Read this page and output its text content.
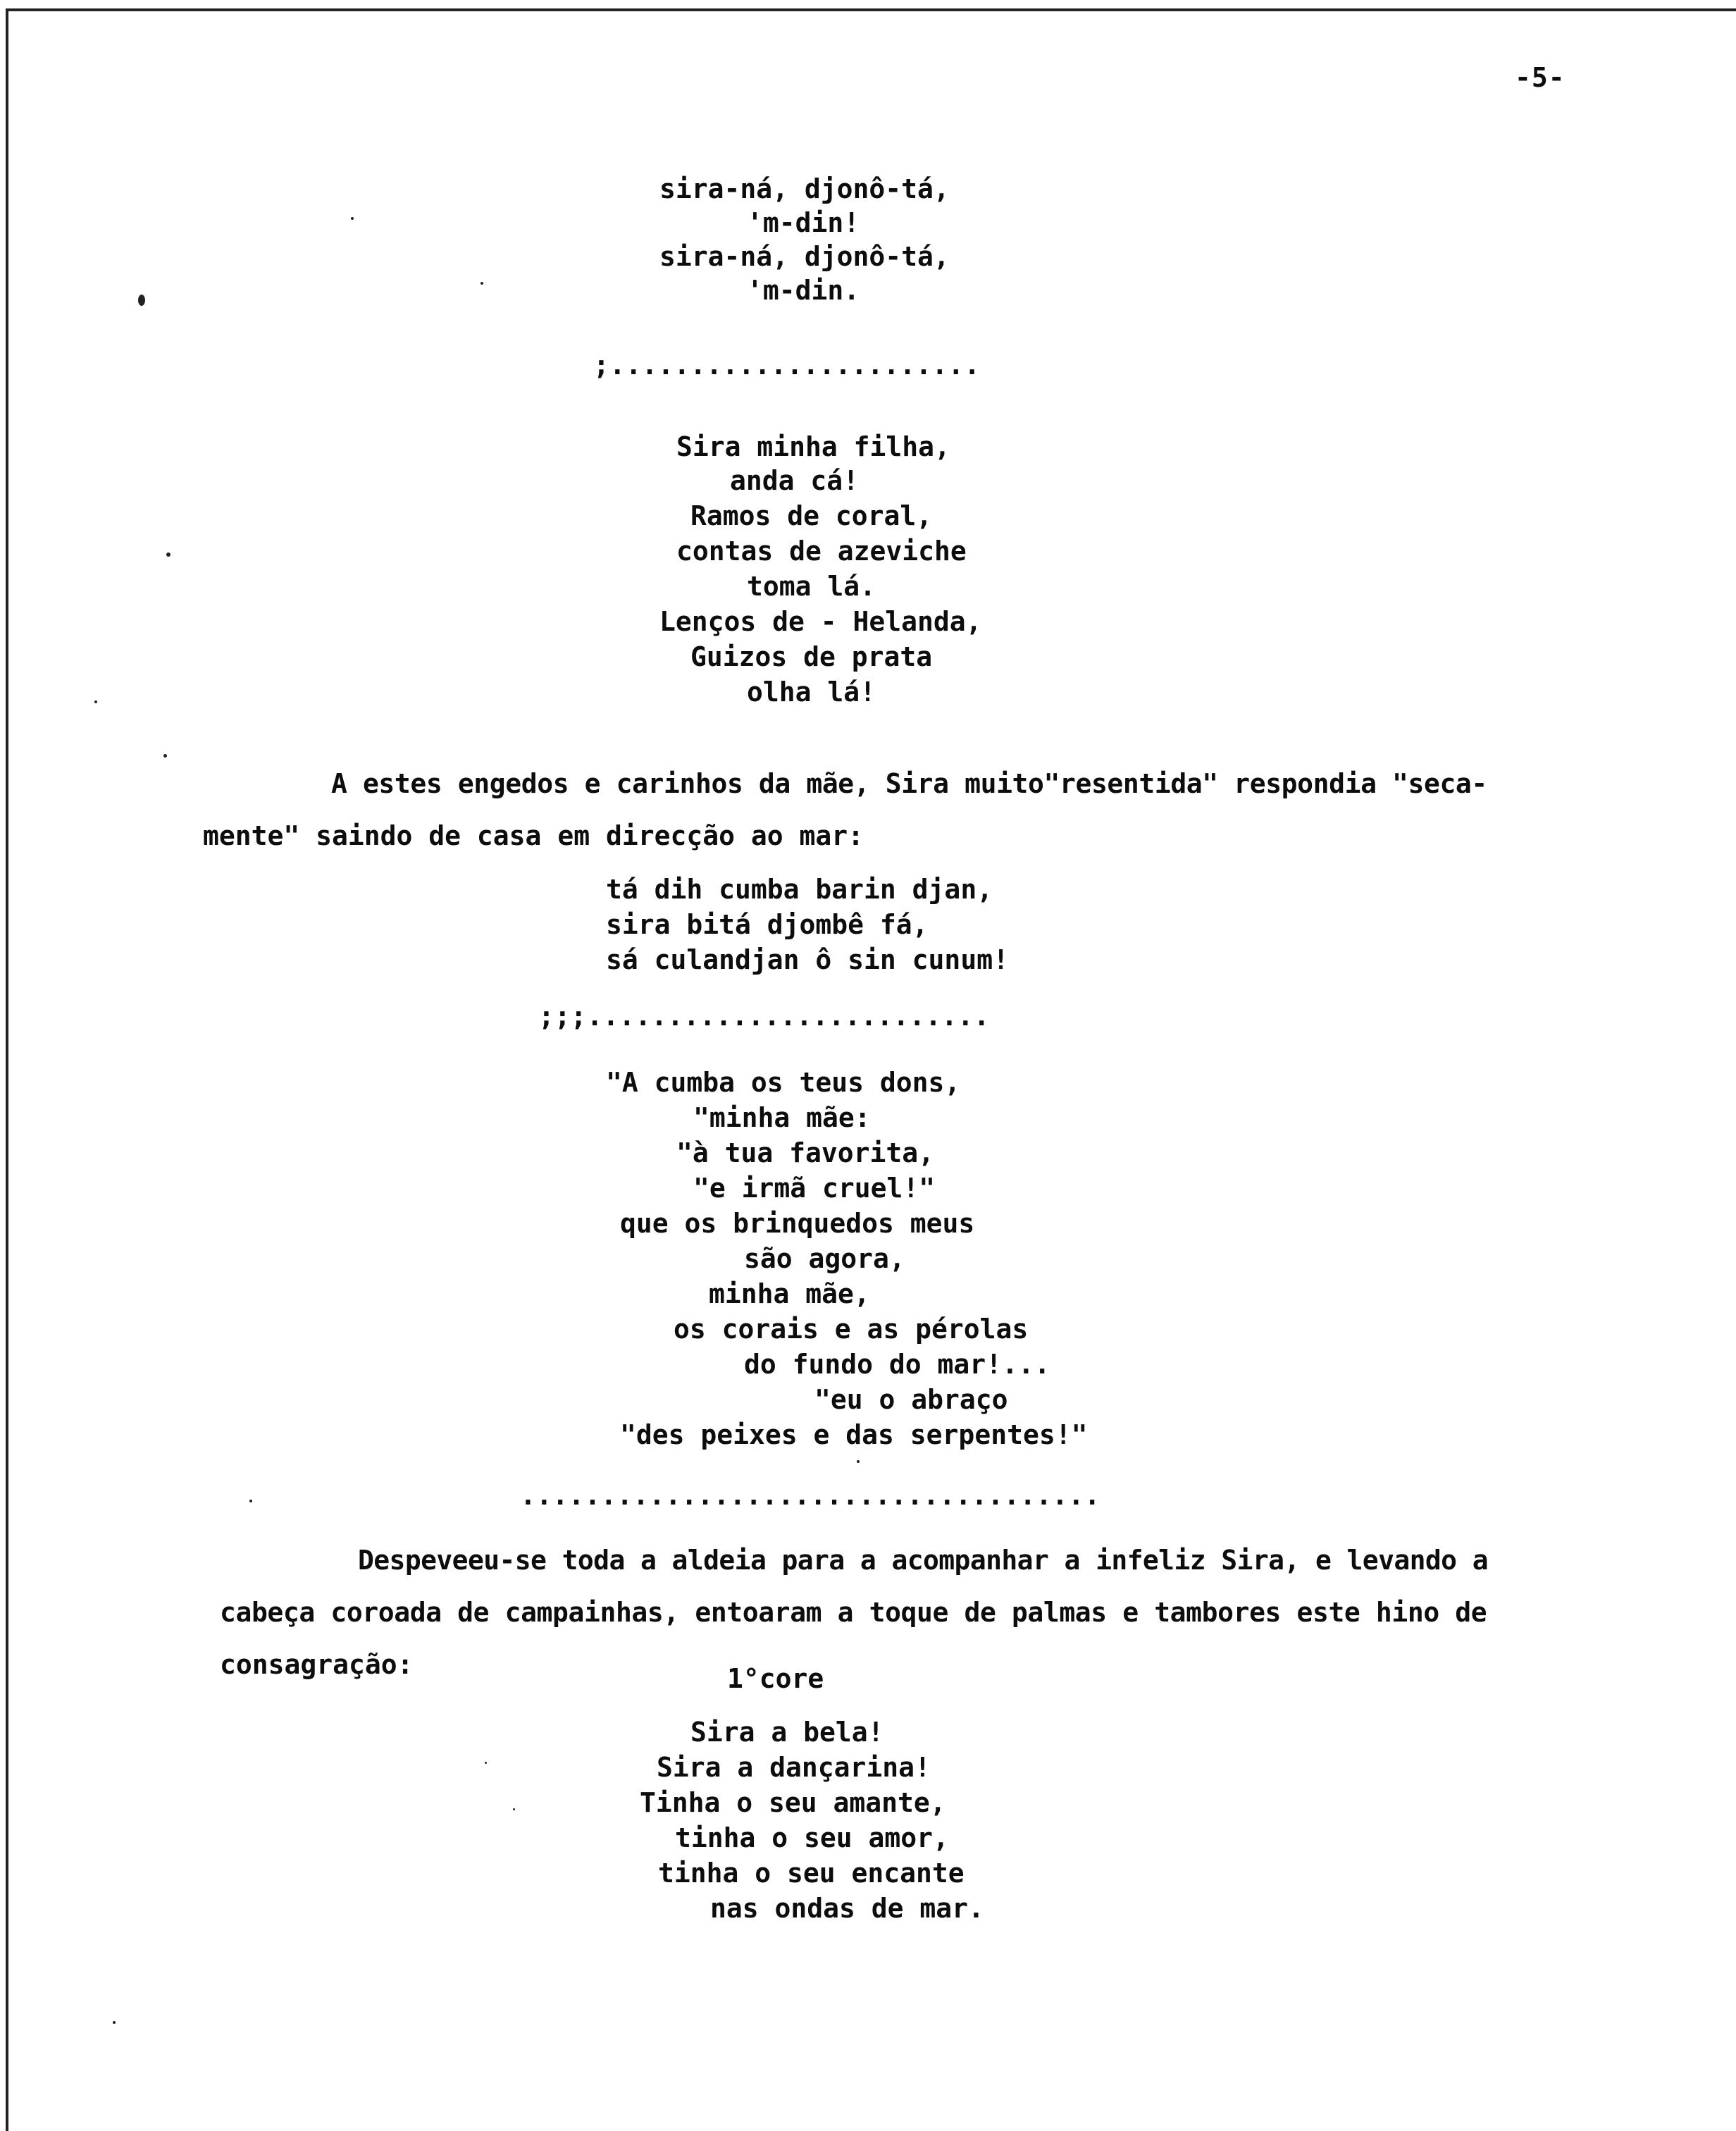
-5-
sira-ná, djonô-tá,
'm-din!
sira-ná, djonô-tá,
'm-din.
;.......................
Sira minha filha,
anda cá!
Ramos de coral,
contas de azeviche
toma lá.
Lenços de - Helanda,
Guizos de prata
olha lá!
A estes engedos e carinhos da mãe, Sira muito"resentida" respondia "seca-
mente" saindo de casa em direcção ao mar:
tá dih cumba barin djan,
sira bitá djombê fá,
sá culandjan ô sin cunum!
;;;.........................
"A cumba os teus dons,
"minha mãe:
"à tua favorita,
"e irmã cruel!"
que os brinquedos meus
são agora,
minha mãe,
os corais e as pérolas
do fundo do mar!...
"eu o abraço
"des peixes e das serpentes!"
....................................
Despeveeu-se toda a aldeia para a acompanhar a infeliz Sira, e levando a
cabeça coroada de campainhas, entoaram a toque de palmas e tambores este hino de
consagração:	1°core
Sira a bela!
Sira a dançarina!
Tinha o seu amante,
tinha o seu amor,
tinha o seu encante
nas ondas de mar.
